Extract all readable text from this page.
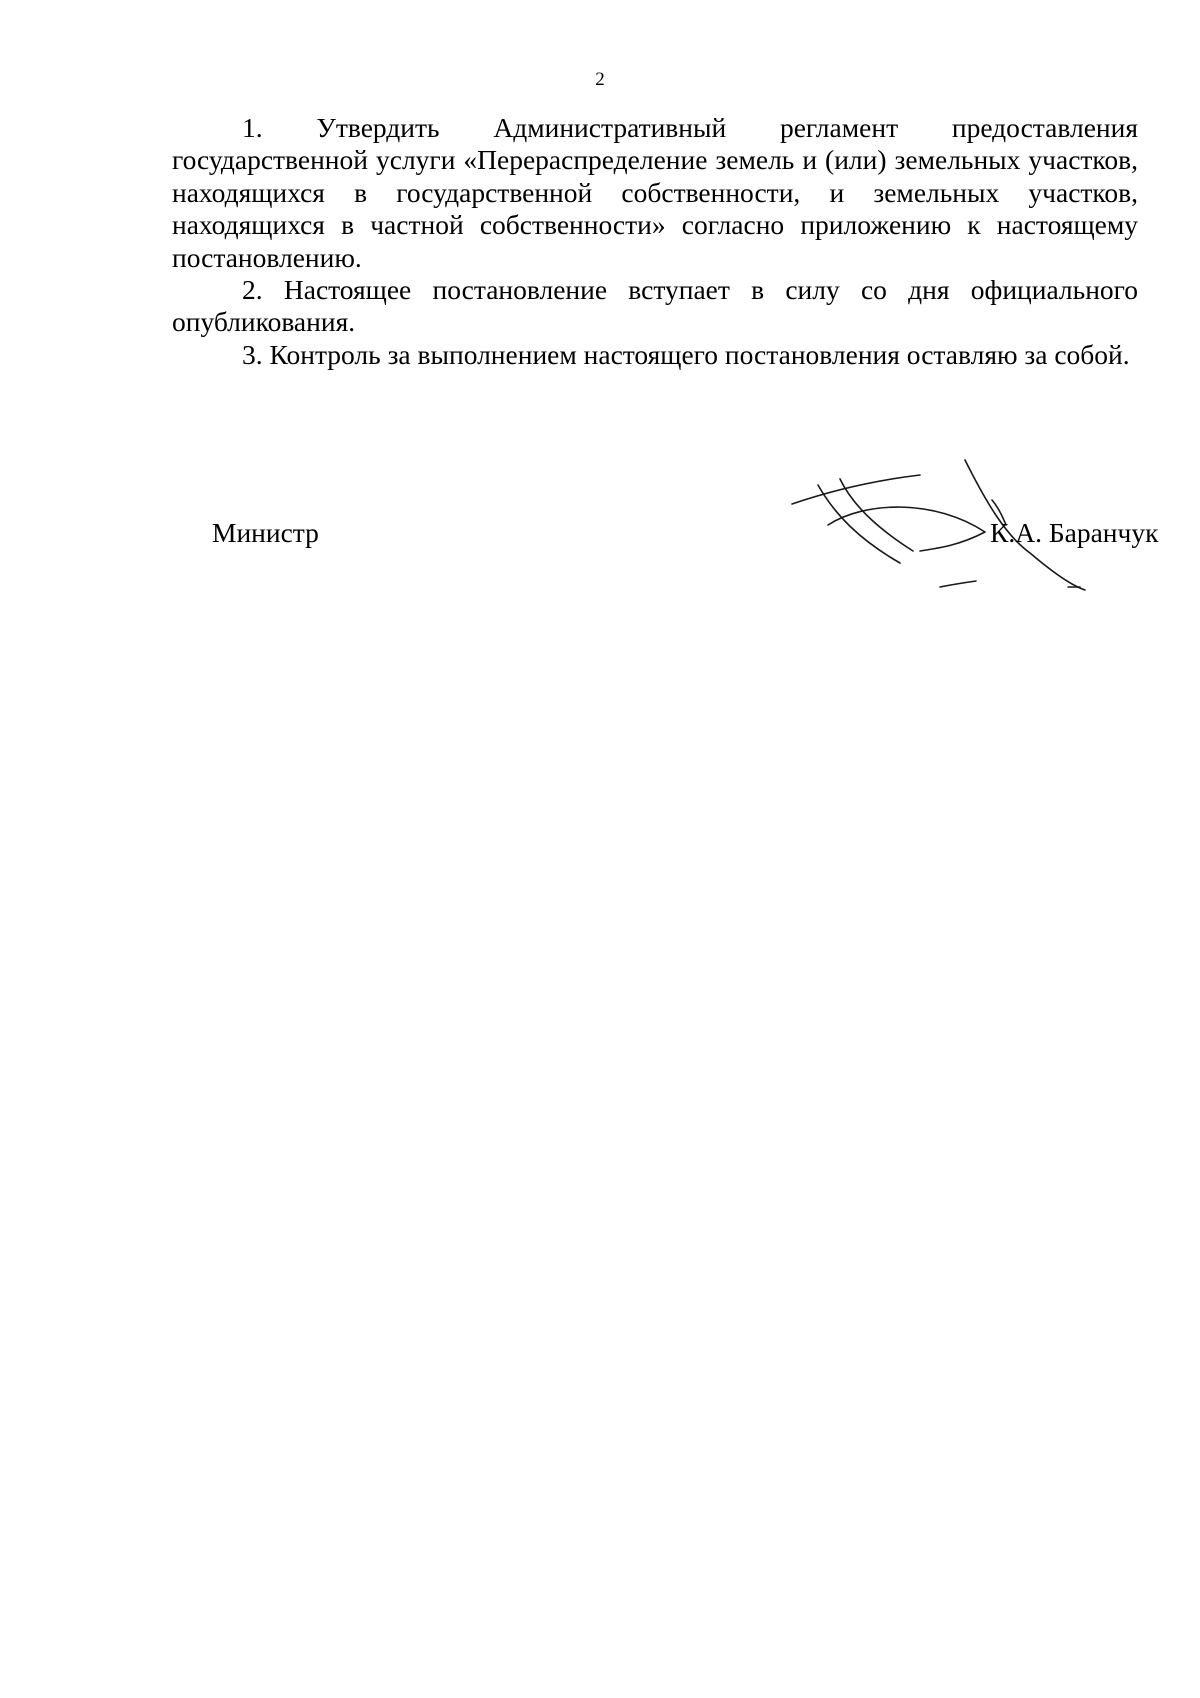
2

1. Утвердить Административный регламент предоставления государственной услуги «Перераспределение земель и (или) земельных участков, находящихся в государственной собственности, и земельных участков, находящихся в частной собственности» согласно приложению к настоящему постановлению.

2. Настоящее постановление вступает в силу со дня официального опубликования.

3. Контроль за выполнением настоящего постановления оставляю за собой.

Министр	К.А. Баранчук
